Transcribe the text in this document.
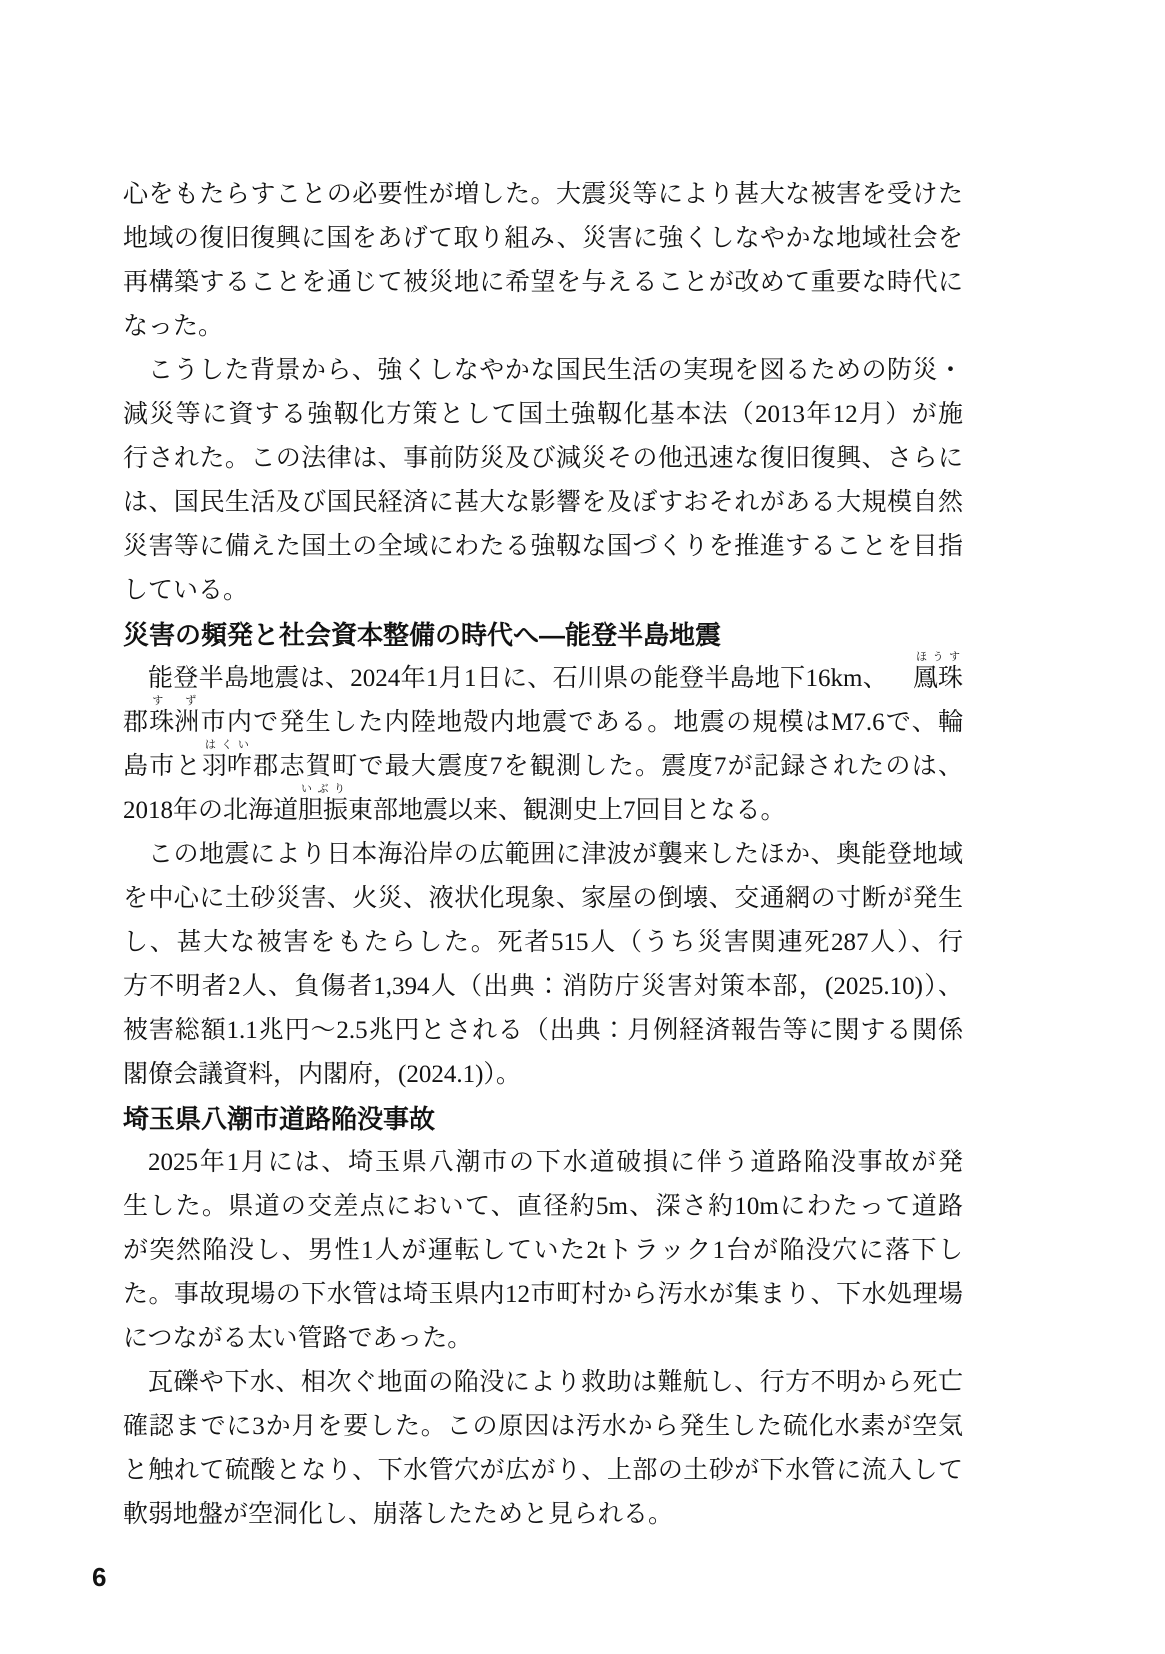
心をもたらすことの必要性が増した。大震災等により甚大な被害を受けた
地域の復旧復興に国をあげて取り組み、災害に強くしなやかな地域社会を
再構築することを通じて被災地に希望を与えることが改めて重要な時代に
なった。
こうした背景から、強くしなやかな国民生活の実現を図るための防災・
減災等に資する強靱化方策として国土強靱化基本法（2013年12月）が施
行された。この法律は、事前防災及び減災その他迅速な復旧復興、さらに
は、国民生活及び国民経済に甚大な影響を及ぼすおそれがある大規模自然
災害等に備えた国土の全域にわたる強靱な国づくりを推進することを目指
している。
災害の頻発と社会資本整備の時代へ―能登半島地震
能登半島地震は、2024年1月1日に、石川県の能登半島地下16km、 鳳珠
ほうす
郡珠洲
すず
市内で発生した内陸地殻内地震である。地震の規模はM7.6で、輪
島市と羽咋
はくい
郡志賀町で最大震度7を観測した。震度7が記録されたのは、
2018年の北海道胆振
いぶり
東部地震以来、観測史上7回目となる。
この地震により日本海沿岸の広範囲に津波が襲来したほか、奥能登地域
を中心に土砂災害、火災、液状化現象、家屋の倒壊、交通網の寸断が発生
し、甚大な被害をもたらした。死者515人（うち災害関連死287人）、行
方不明者2人、負傷者1,394人（出典：消防庁災害対策本部，(2025.10)）、
被害総額1.1兆円～2.5兆円とされる（出典：月例経済報告等に関する関係
閣僚会議資料，内閣府，(2024.1)）。
埼玉県八潮市道路陥没事故
2025年1月には、埼玉県八潮市の下水道破損に伴う道路陥没事故が発
生した。県道の交差点において、直径約5m、深さ約10mにわたって道路
が突然陥没し、男性1人が運転していた2tトラック1台が陥没穴に落下し
た。事故現場の下水管は埼玉県内12市町村から汚水が集まり、下水処理場
につながる太い管路であった。
瓦礫や下水、相次ぐ地面の陥没により救助は難航し、行方不明から死亡
確認までに3か月を要した。この原因は汚水から発生した硫化水素が空気
と触れて硫酸となり、下水管穴が広がり、上部の土砂が下水管に流入して
軟弱地盤が空洞化し、崩落したためと見られる。
6
